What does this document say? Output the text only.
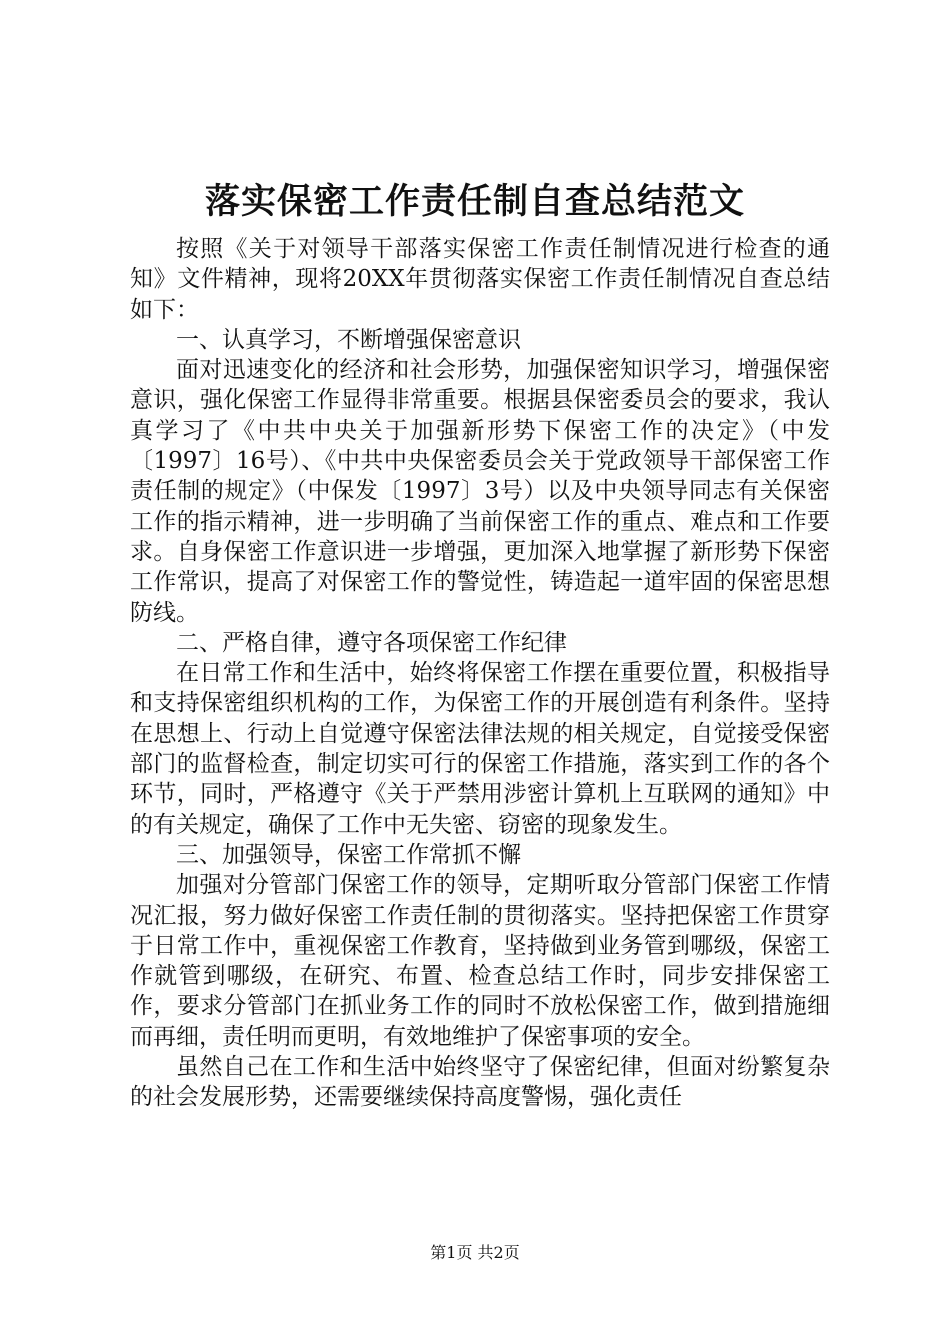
落实保密工作责任制自查总结范文

按照《关于对领导干部落实保密工作责任制情况进行检查的通知》文件精神，现将20XX年贯彻落实保密工作责任制情况自查总结如下：

一、认真学习，不断增强保密意识

面对迅速变化的经济和社会形势，加强保密知识学习，增强保密意识，强化保密工作显得非常重要。根据县保密委员会的要求，我认真学习了《中共中央关于加强新形势下保密工作的决定》（中发〔1997〕16号）、《中共中央保密委员会关于党政领导干部保密工作责任制的规定》（中保发〔1997〕3号）以及中央领导同志有关保密工作的指示精神，进一步明确了当前保密工作的重点、难点和工作要求。自身保密工作意识进一步增强，更加深入地掌握了新形势下保密工作常识，提高了对保密工作的警觉性，铸造起一道牢固的保密思想防线。

二、严格自律，遵守各项保密工作纪律

在日常工作和生活中，始终将保密工作摆在重要位置，积极指导和支持保密组织机构的工作，为保密工作的开展创造有利条件。坚持在思想上、行动上自觉遵守保密法律法规的相关规定，自觉接受保密部门的监督检查，制定切实可行的保密工作措施，落实到工作的各个环节，同时，严格遵守《关于严禁用涉密计算机上互联网的通知》中的有关规定，确保了工作中无失密、窃密的现象发生。

三、加强领导，保密工作常抓不懈

加强对分管部门保密工作的领导，定期听取分管部门保密工作情况汇报，努力做好保密工作责任制的贯彻落实。坚持把保密工作贯穿于日常工作中，重视保密工作教育，坚持做到业务管到哪级，保密工作就管到哪级，在研究、布置、检查总结工作时，同步安排保密工作，要求分管部门在抓业务工作的同时不放松保密工作，做到措施细而再细，责任明而更明，有效地维护了保密事项的安全。

虽然自己在工作和生活中始终坚守了保密纪律，但面对纷繁复杂的社会发展形势，还需要继续保持高度警惕，强化责任

第1页 共2页
